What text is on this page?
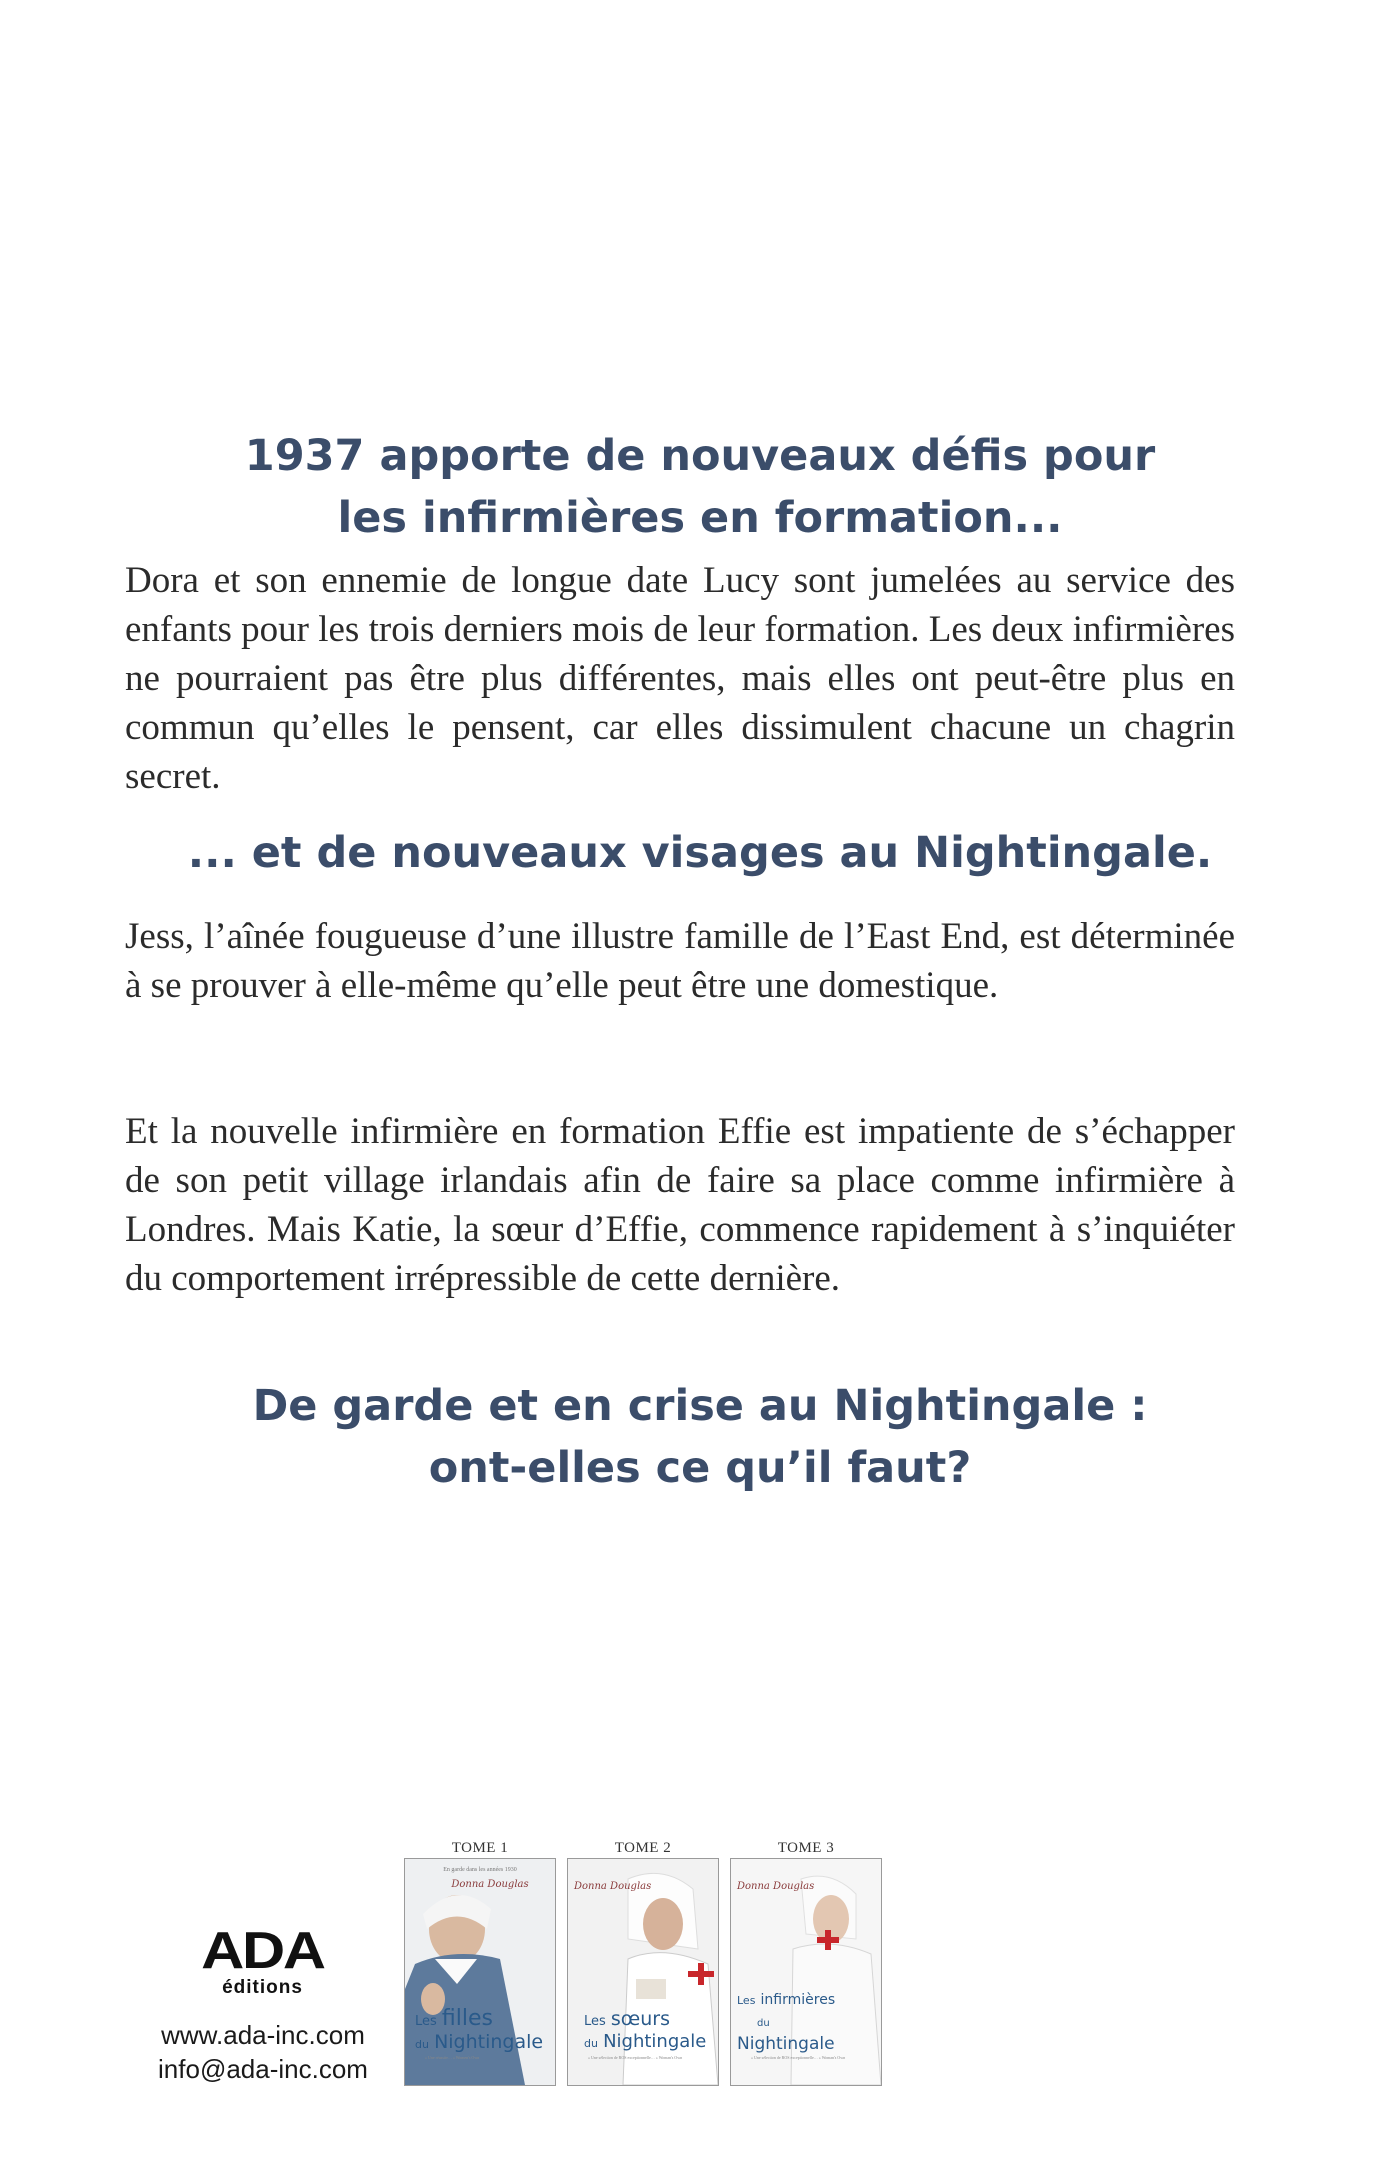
1937 apporte de nouveaux défis pour
les infirmières en formation...

Dora et son ennemie de longue date Lucy sont jumelées au service des enfants pour les trois derniers mois de leur formation. Les deux infirmières ne pourraient pas être plus différentes, mais elles ont peut-être plus en commun qu’elles le pensent, car elles dissimulent chacune un chagrin secret.

... et de nouveaux visages au Nightingale.

Jess, l’aînée fougueuse d’une illustre famille de l’East End, est déterminée à se prouver à elle-même qu’elle peut être une domestique.

Et la nouvelle infirmière en formation Effie est impatiente de s’échapper de son petit village irlandais afin de faire sa place comme infirmière à Londres. Mais Katie, la sœur d’Effie, commence rapidement à s’inquiéter du comportement irrépressible de cette dernière.

De garde et en crise au Nightingale :
ont-elles ce qu’il faut?
ADA
éditions
www.ada-inc.com
info@ada-inc.com
TOME 1
En garde dans les années 1930
Donna Douglas
Les filles
du Nightingale
« Une réussite… » Women's Own
TOME 2
Donna Douglas
Les sœurs
du Nightingale
« Une sélection de ROS exceptionnelle… » Woman's Own
TOME 3
Donna Douglas
Les infirmières
du Nightingale
« Une sélection de ROS exceptionnelle… » Woman's Own
